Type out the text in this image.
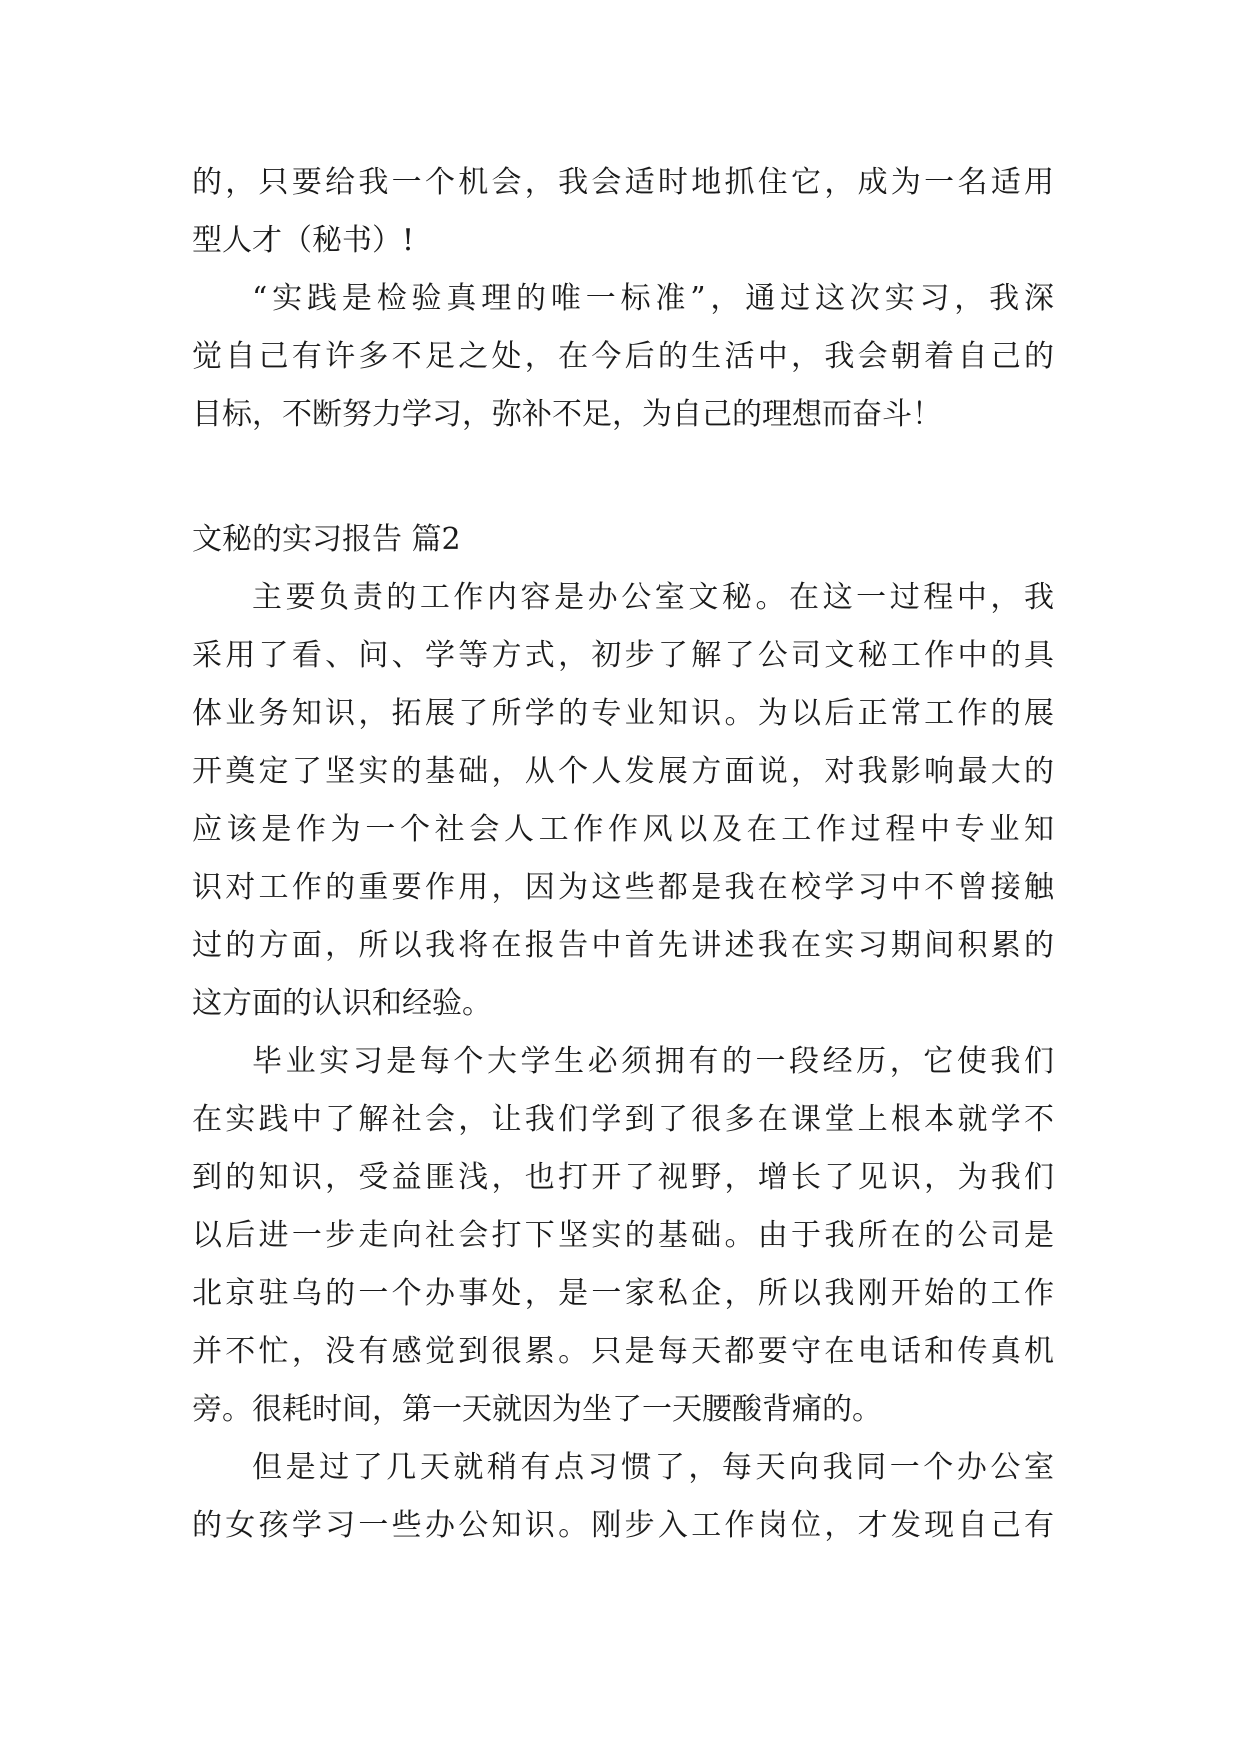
的，只要给我一个机会，我会适时地抓住它，成为一名适用
型人才（秘书）!
“实践是检验真理的唯一标准”，通过这次实习，我深
觉自己有许多不足之处，在今后的生活中，我会朝着自己的
目标，不断努力学习，弥补不足，为自己的理想而奋斗！
文秘的实习报告 篇2
主要负责的工作内容是办公室文秘。在这一过程中，我
采用了看、问、学等方式，初步了解了公司文秘工作中的具
体业务知识，拓展了所学的专业知识。为以后正常工作的展
开奠定了坚实的基础，从个人发展方面说，对我影响最大的
应该是作为一个社会人工作作风以及在工作过程中专业知
识对工作的重要作用，因为这些都是我在校学习中不曾接触
过的方面，所以我将在报告中首先讲述我在实习期间积累的
这方面的认识和经验。
毕业实习是每个大学生必须拥有的一段经历，它使我们
在实践中了解社会，让我们学到了很多在课堂上根本就学不
到的知识，受益匪浅，也打开了视野，增长了见识，为我们
以后进一步走向社会打下坚实的基础。由于我所在的公司是
北京驻乌的一个办事处，是一家私企，所以我刚开始的工作
并不忙，没有感觉到很累。只是每天都要守在电话和传真机
旁。很耗时间，第一天就因为坐了一天腰酸背痛的。
但是过了几天就稍有点习惯了，每天向我同一个办公室
的女孩学习一些办公知识。刚步入工作岗位，才发现自己有
